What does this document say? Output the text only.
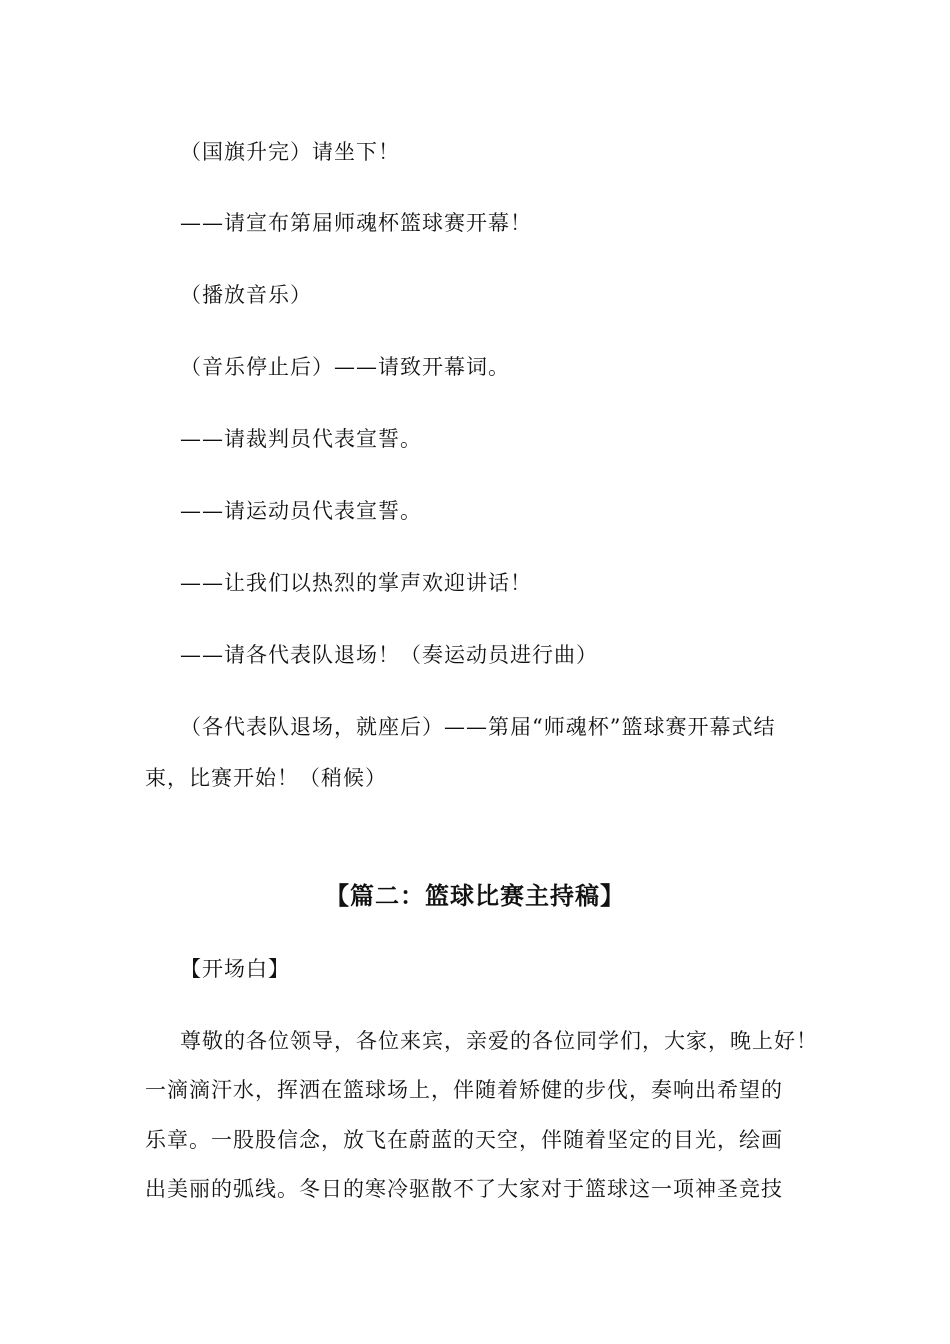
（国旗升完）请坐下！
——请宣布第届师魂杯篮球赛开幕！
（播放音乐）
（音乐停止后）——请致开幕词。
——请裁判员代表宣誓。
——请运动员代表宣誓。
——让我们以热烈的掌声欢迎讲话！
——请各代表队退场！（奏运动员进行曲）
（各代表队退场，就座后）——第届“师魂杯”篮球赛开幕式结
束，比赛开始！（稍候）
【篇二：篮球比赛主持稿】
【开场白】
尊敬的各位领导，各位来宾，亲爱的各位同学们，大家，晚上好！
一滴滴汗水，挥洒在篮球场上，伴随着矫健的步伐，奏响出希望的
乐章。一股股信念，放飞在蔚蓝的天空，伴随着坚定的目光，绘画
出美丽的弧线。冬日的寒冷驱散不了大家对于篮球这一项神圣竞技
